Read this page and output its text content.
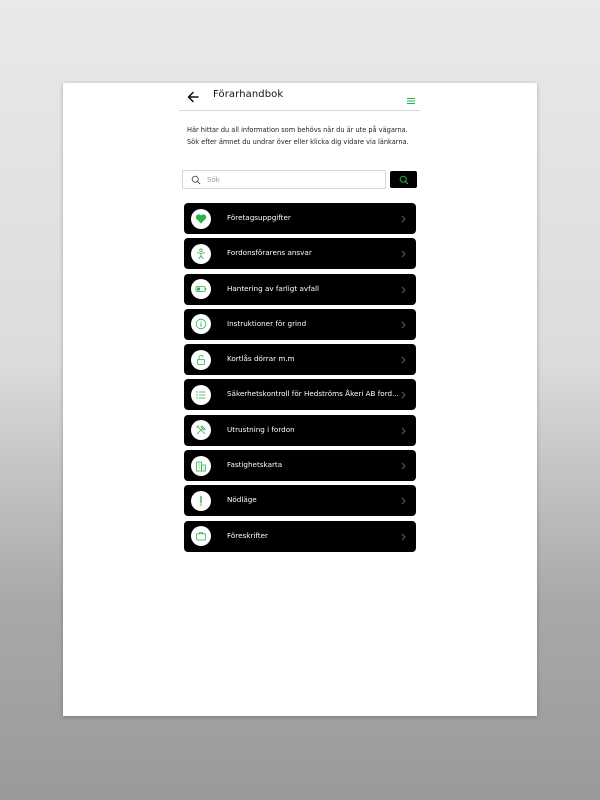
Förarhandbok
Här hittar du all information som behövs när du är ute på vägarna. Sök efter ämnet du undrar över eller klicka dig vidare via länkarna.
Sök
Företagsuppgifter
Fordonsförarens ansvar
Hantering av farligt avfall
Instruktioner för grind
Kortlås dörrar m.m
Säkerhetskontroll för Hedströms Åkeri AB ford...
Utrustning i fordon
Fastighetskarta
Nödläge
Föreskrifter
